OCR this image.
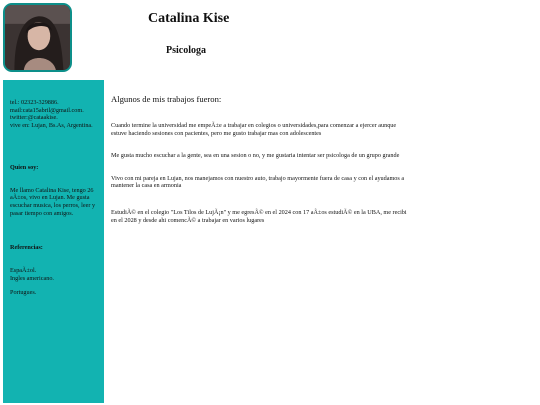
Catalina Kise
Psicologa

tel.: 02323-329886.

mail:cata15abril@gmail.com.

twitter:@cataakise.

vive en: Lujan, Bs.As, Argentina.

Quien soy:

Me llamo Catalina Kise, tengo 26 aÃ±os, vivo en Lujan. Me gusta escuchar musica, los perros, leer y pasar tiempo con amigos.

Referencias:

EspaÃ±ol.

Ingles americano.

Portugues.

Algunos de mis trabajos fueron:

Cuando termine la universidad me empeÃ±e a trabajar en colegios o universidades,para comenzar a ejercer aunque estuve haciendo sesiones con pacientes, pero me gusto trabajar mas con adolescentes

Me gusta mucho escuchar a la gente, sea en una sesion o no, y me gustaria intentar ser psicologa de un grupo grande

Vivo con mi pareja en Lujan, nos manejamos con nuestro auto, trabajo mayormente fuera de casa y con el ayudamos a mantener la casa en armonia

EstudiÃ© en el colegio "Los Tilos de LujÃ¡n" y me egresÃ© en el 2024 con 17 aÃ±os estudiÃ© en la UBA, me recibi en el 2028 y desde ahi comencÃ© a trabajar en varios lugares
